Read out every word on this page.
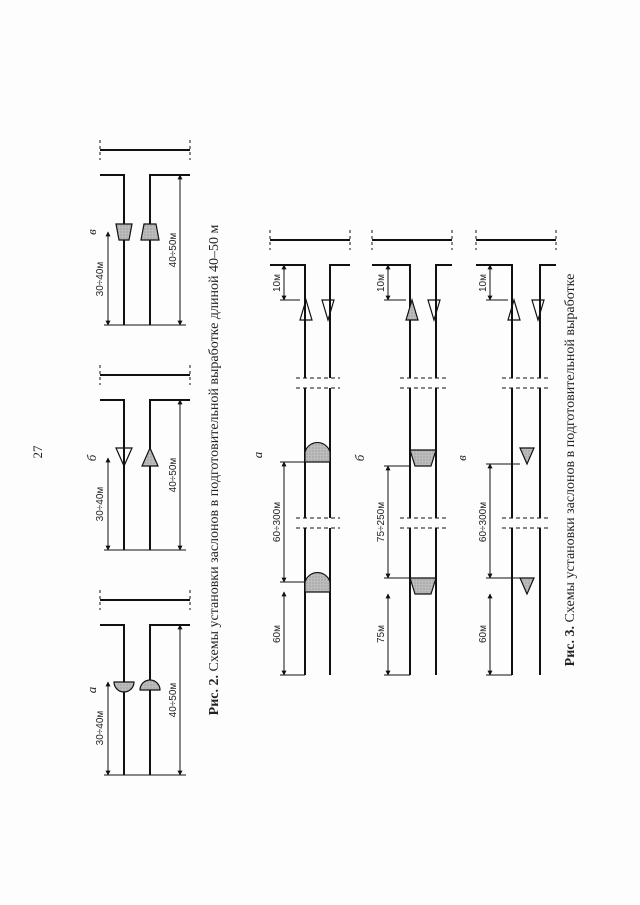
27
а
30÷40м
40÷50м
б
30÷40м
40÷50м
в
30÷40м
40÷50м
Рис. 2. Схемы установки заслонов в подготовительной выработке длиной 40–50 м а
10м
60÷300м
60м
б
10м
75÷250м
75м
в
10м
60÷300м
60м	Рис. 3. Схемы установки заслонов в подготовительной выработке
